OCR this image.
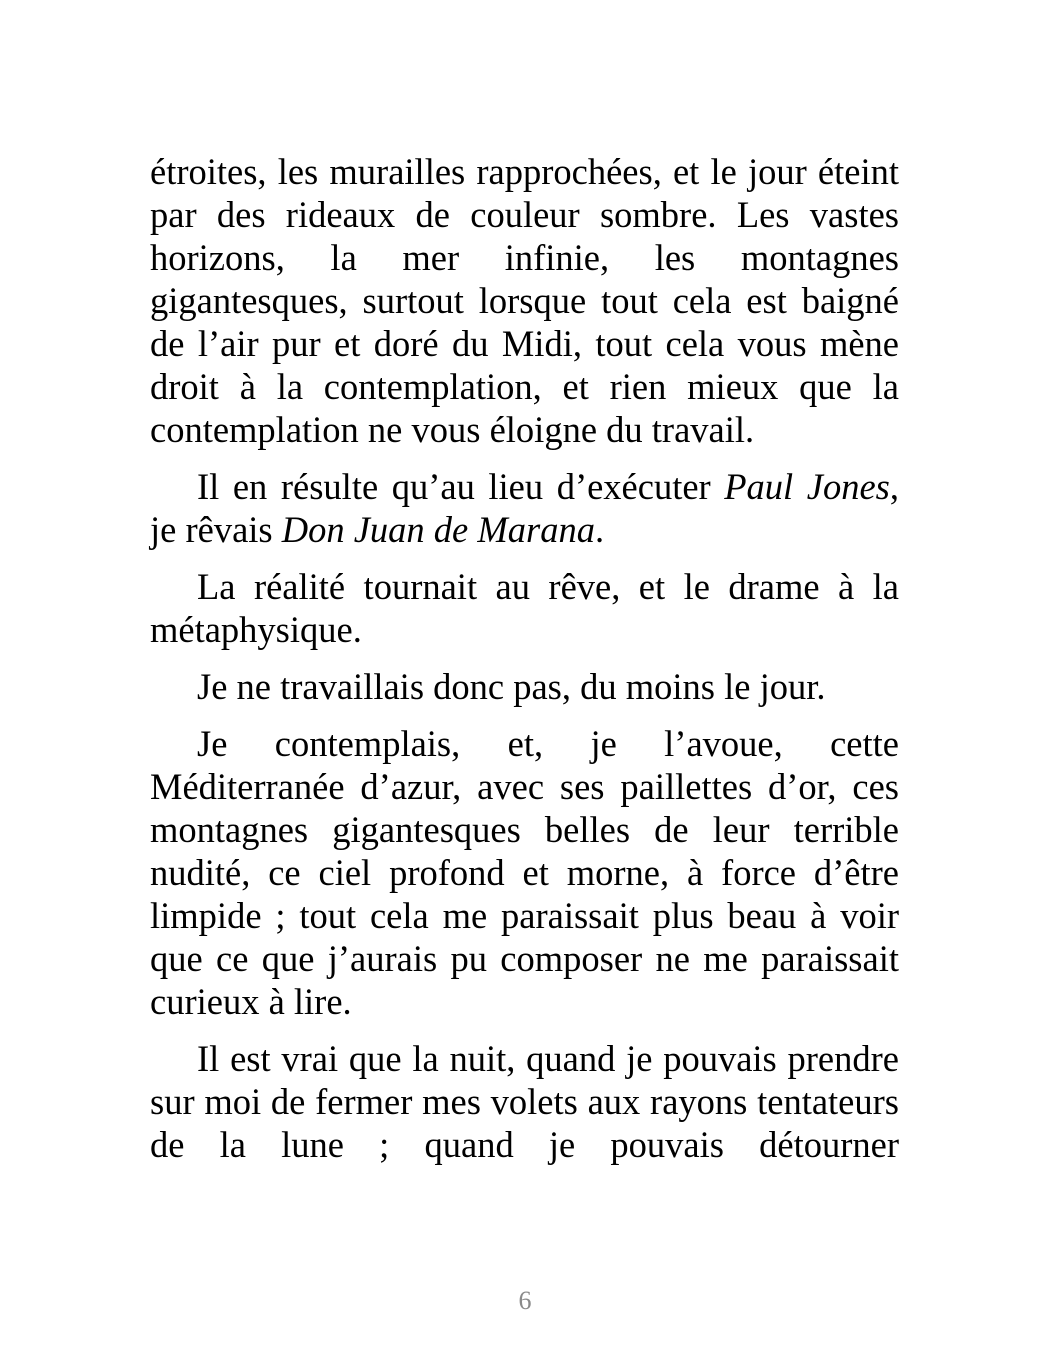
étroites, les murailles rapprochées, et le jour éteint par des rideaux de couleur sombre. Les vastes horizons, la mer infinie, les montagnes gigantesques, surtout lorsque tout cela est baigné de l’air pur et doré du Midi, tout cela vous mène droit à la contemplation, et rien mieux que la contemplation ne vous éloigne du travail.

Il en résulte qu’au lieu d’exécuter Paul Jones, je rêvais Don Juan de Marana.

La réalité tournait au rêve, et le drame à la métaphysique.

Je ne travaillais donc pas, du moins le jour.

Je contemplais, et, je l’avoue, cette Méditerranée d’azur, avec ses paillettes d’or, ces montagnes gigantesques belles de leur terrible nudité, ce ciel profond et morne, à force d’être limpide ; tout cela me paraissait plus beau à voir que ce que j’aurais pu composer ne me paraissait curieux à lire.

Il est vrai que la nuit, quand je pouvais prendre sur moi de fermer mes volets aux rayons tentateurs de la lune ; quand je pouvais détourner

6
